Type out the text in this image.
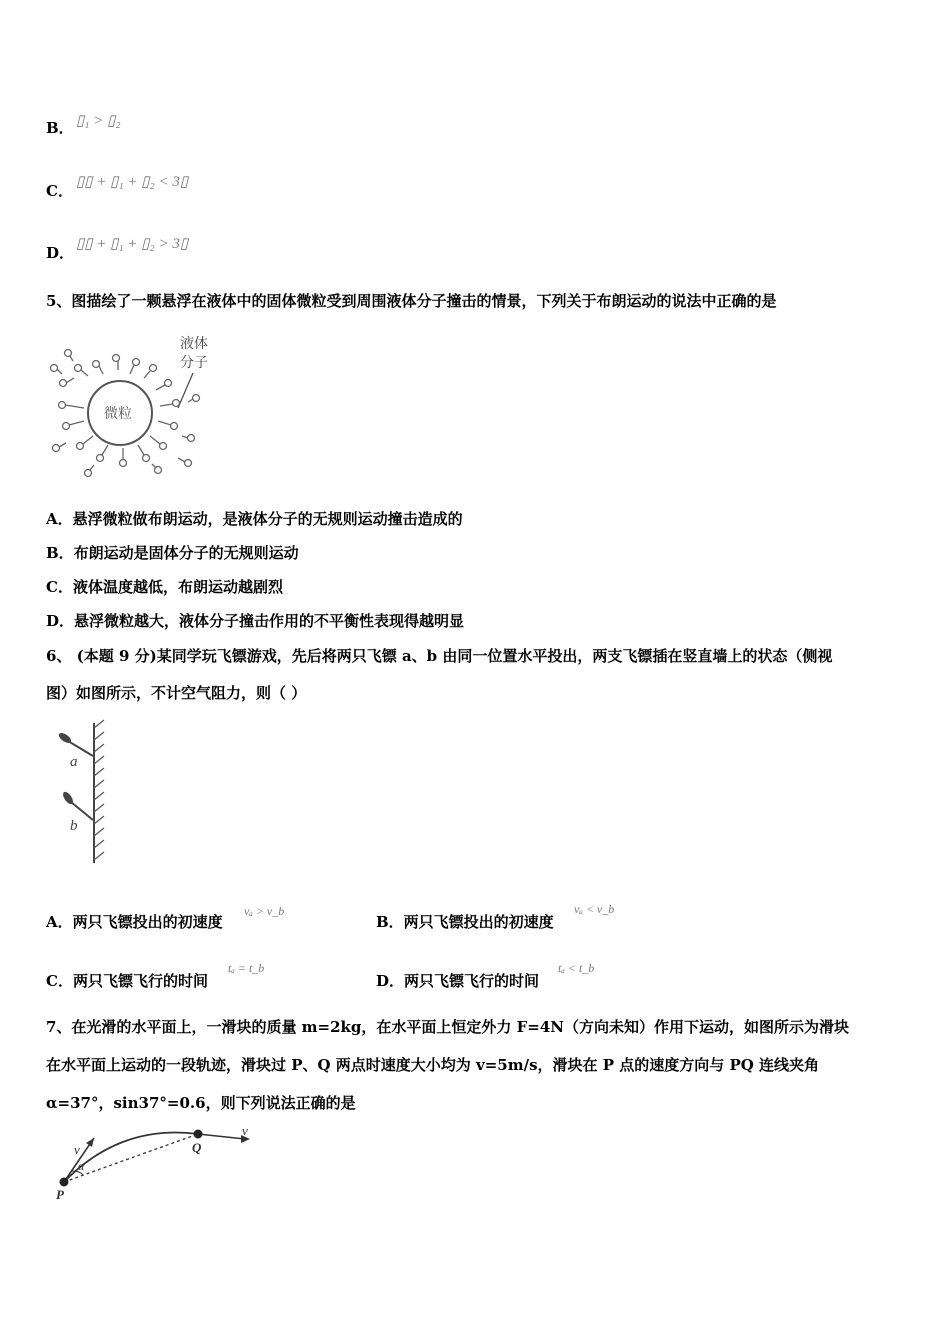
B． ▯₁ > ▯₂
C． ▯▯ + ▯₁ + ▯₂ < 3▯
D． ▯▯ + ▯₁ + ▯₂ > 3▯
5、图描绘了一颗悬浮在液体中的固体微粒受到周围液体分子撞击的情景，下列关于布朗运动的说法中正确的是
微粒
液体
分子
A．悬浮微粒做布朗运动，是液体分子的无规则运动撞击造成的
B．布朗运动是固体分子的无规则运动
C．液体温度越低，布朗运动越剧烈
D．悬浮微粒越大，液体分子撞击作用的不平衡性表现得越明显
6、 (本题 9 分)某同学玩飞镖游戏，先后将两只飞镖 a、b 由同一位置水平投出，两支飞镖插在竖直墙上的状态（侧视
图）如图所示，不计空气阻力，则（ ）
a
b
A．两只飞镖投出的初速度
vₐ > v_b
B．两只飞镖投出的初速度
vₐ < v_b
C．两只飞镖飞行的时间
tₐ = t_b
D．两只飞镖飞行的时间
tₐ < t_b
7、在光滑的水平面上，一滑块的质量 m=2kg，在水平面上恒定外力 F=4N（方向未知）作用下运动，如图所示为滑块
在水平面上运动的一段轨迹，滑块过 P、Q 两点时速度大小均为 v=5m/s，滑块在 P 点的速度方向与 PQ 连线夹角
α=37°，sin37°=0.6，则下列说法正确的是
P
Q
v
v
α
